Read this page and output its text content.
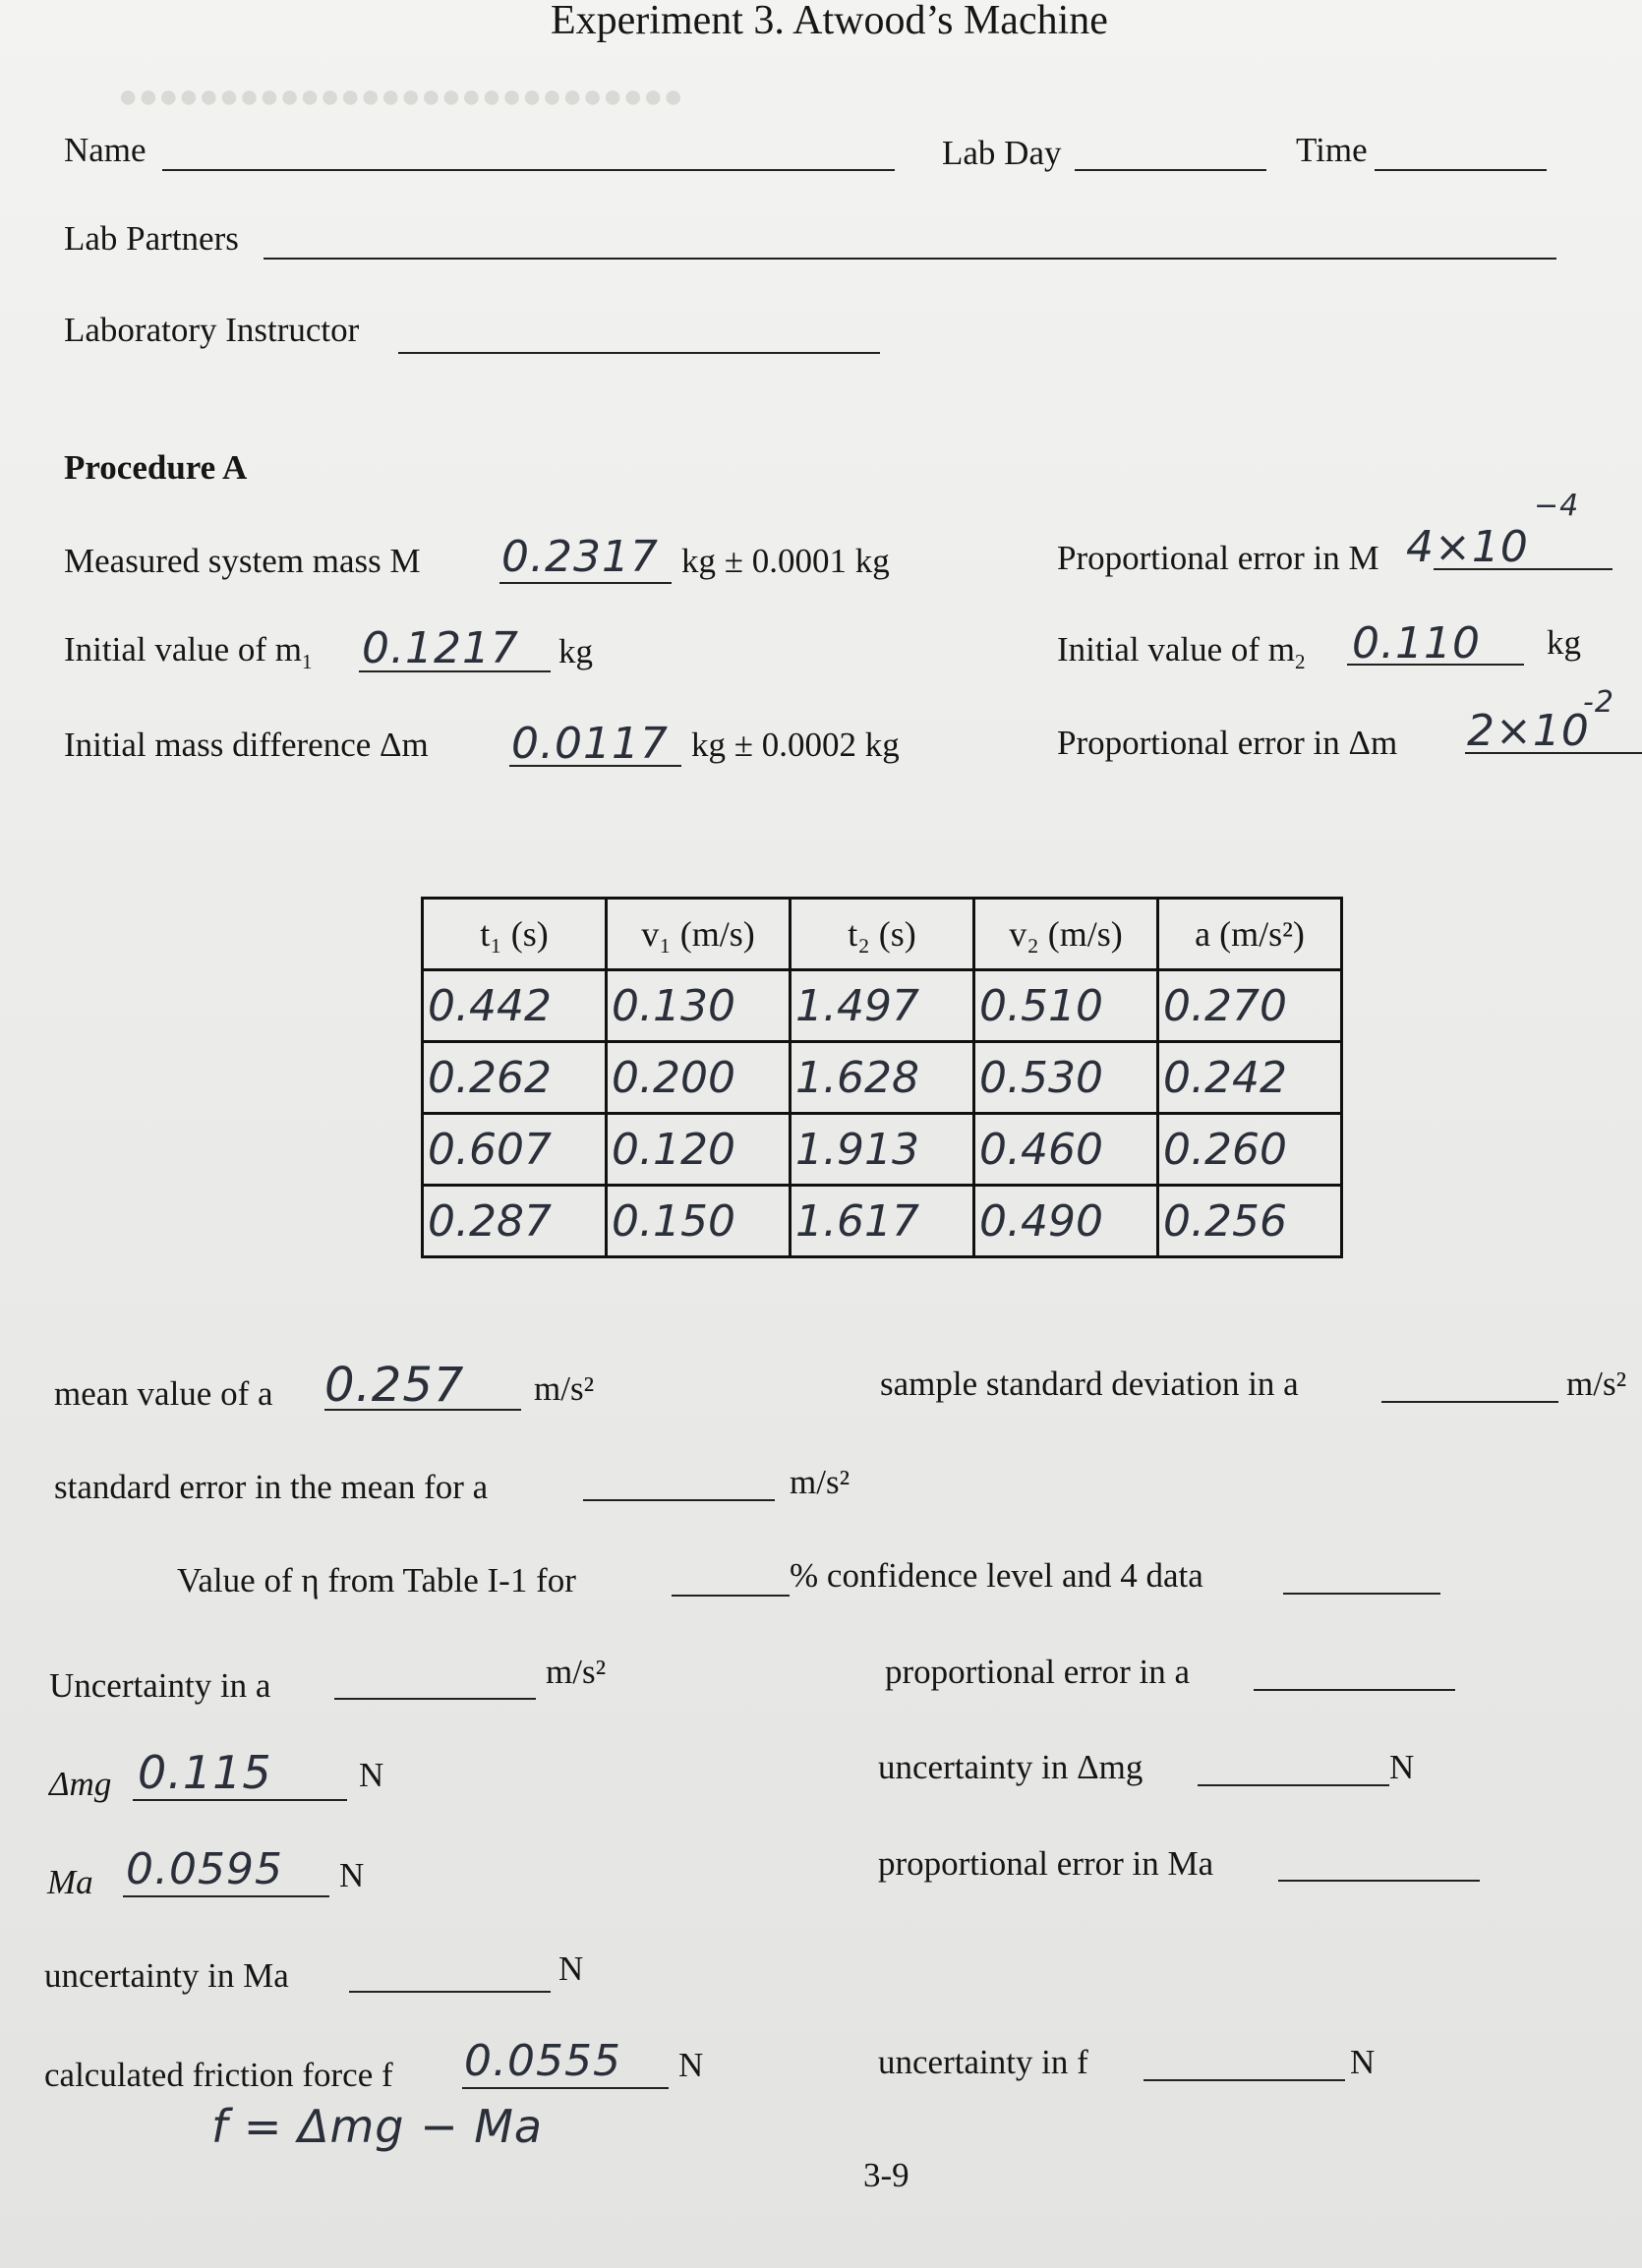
●●●●●●●●●●●●●●●●●●●●●●●●●●●●
Experiment 3. Atwood’s Machine
Name	Lab Day	Time
Lab Partners
Laboratory Instructor
Procedure A
Measured system mass M 0.2317 kg ± 0.0001 kg	Proportional error in M 4×10
−4
Initial value of $m_1$ 0.1217 kg	Initial value of $m_2$ 0.110 kg
Initial mass difference Δm 0.0117 kg ± 0.0002 kg	Proportional error in Δm 2×10
-2
t₁ (s)	v₁ (m/s)	t₂ (s)	v₂ (m/s)	a (m/s²)
0.442	0.130	1.497	0.510	0.270
0.262	0.200	1.628	0.530	0.242
0.607	0.120	1.913	0.460	0.260
0.287	0.150	1.617	0.490	0.256
mean value of a 0.257 m/s²	sample standard deviation in a	m/s²
standard error in the mean for a	m/s²
Value of η from Table I-1 for	% confidence level and 4 data
Uncertainty in a	m/s²	proportional error in a
Δmg 0.115	N	uncertainty in Δmg	N
Ma 0.0595 N	proportional error in Ma
uncertainty in Ma	N
calculated friction force f 0.0555 N	uncertainty in f	N
f = Δmg − Ma
3-9
